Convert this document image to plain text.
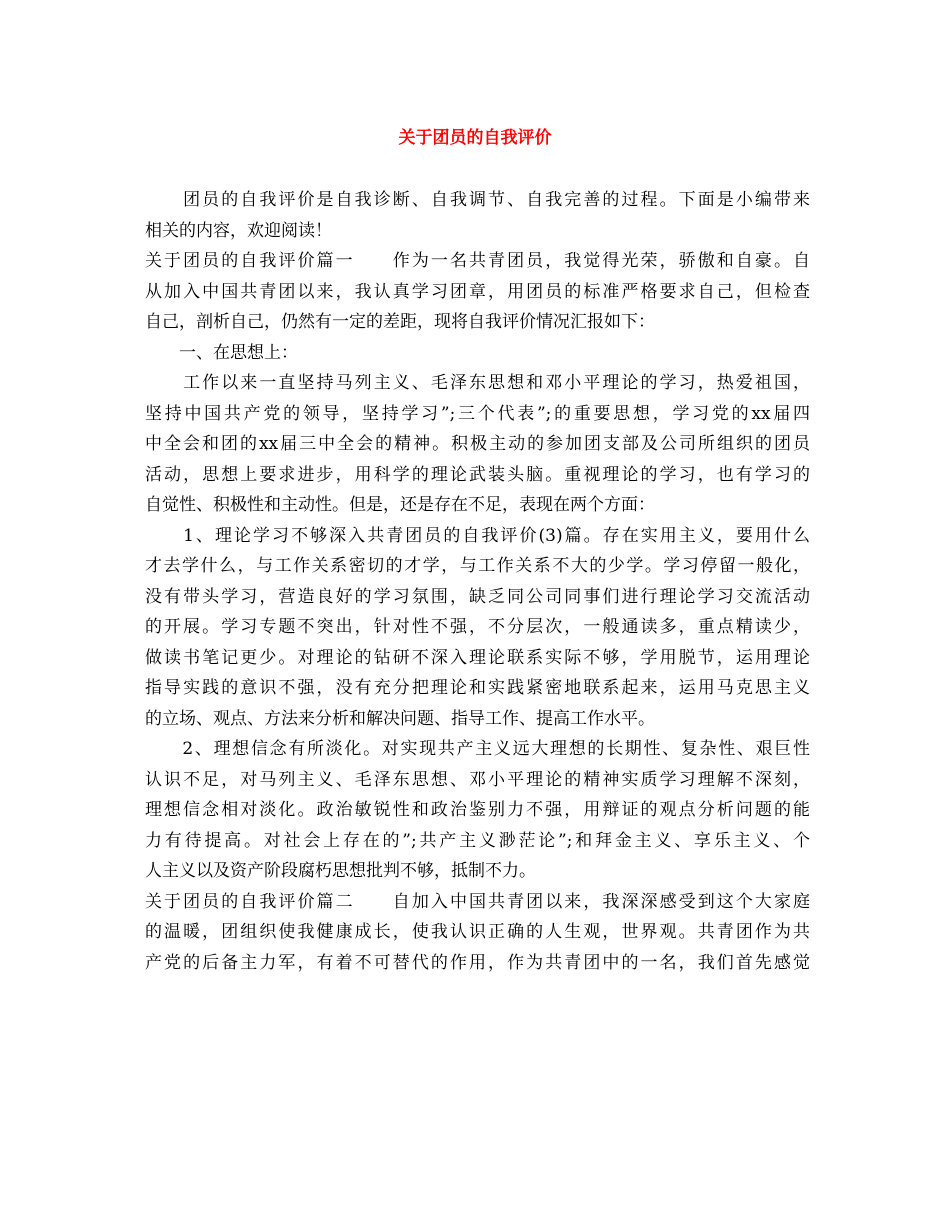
关于团员的自我评价
　　团员的自我评价是自我诊断、自我调节、自我完善的过程。下面是小编带来
相关的内容，欢迎阅读！
关于团员的自我评价篇一　　作为一名共青团员，我觉得光荣，骄傲和自豪。自
从加入中国共青团以来，我认真学习团章，用团员的标准严格要求自己，但检查
自己，剖析自己，仍然有一定的差距，现将自我评价情况汇报如下：
　　一、在思想上：
　　工作以来一直坚持马列主义、毛泽东思想和邓小平理论的学习，热爱祖国，
坚持中国共产党的领导，坚持学习”;三个代表”;的重要思想，学习党的xx届四
中全会和团的xx届三中全会的精神。积极主动的参加团支部及公司所组织的团员
活动，思想上要求进步，用科学的理论武装头脑。重视理论的学习，也有学习的
自觉性、积极性和主动性。但是，还是存在不足，表现在两个方面：
　　1、理论学习不够深入共青团员的自我评价(3)篇。存在实用主义，要用什么
才去学什么，与工作关系密切的才学，与工作关系不大的少学。学习停留一般化，
没有带头学习，营造良好的学习氛围，缺乏同公司同事们进行理论学习交流活动
的开展。学习专题不突出，针对性不强，不分层次，一般通读多，重点精读少，
做读书笔记更少。对理论的钻研不深入理论联系实际不够，学用脱节，运用理论
指导实践的意识不强，没有充分把理论和实践紧密地联系起来，运用马克思主义
的立场、观点、方法来分析和解决问题、指导工作、提高工作水平。
　　2、理想信念有所淡化。对实现共产主义远大理想的长期性、复杂性、艰巨性
认识不足，对马列主义、毛泽东思想、邓小平理论的精神实质学习理解不深刻，
理想信念相对淡化。政治敏锐性和政治鉴别力不强，用辩证的观点分析问题的能
力有待提高。对社会上存在的”;共产主义渺茫论”;和拜金主义、享乐主义、个
人主义以及资产阶段腐朽思想批判不够，抵制不力。
关于团员的自我评价篇二　　自加入中国共青团以来，我深深感受到这个大家庭
的温暖，团组织使我健康成长，使我认识正确的人生观，世界观。共青团作为共
产党的后备主力军，有着不可替代的作用，作为共青团中的一名，我们首先感觉
